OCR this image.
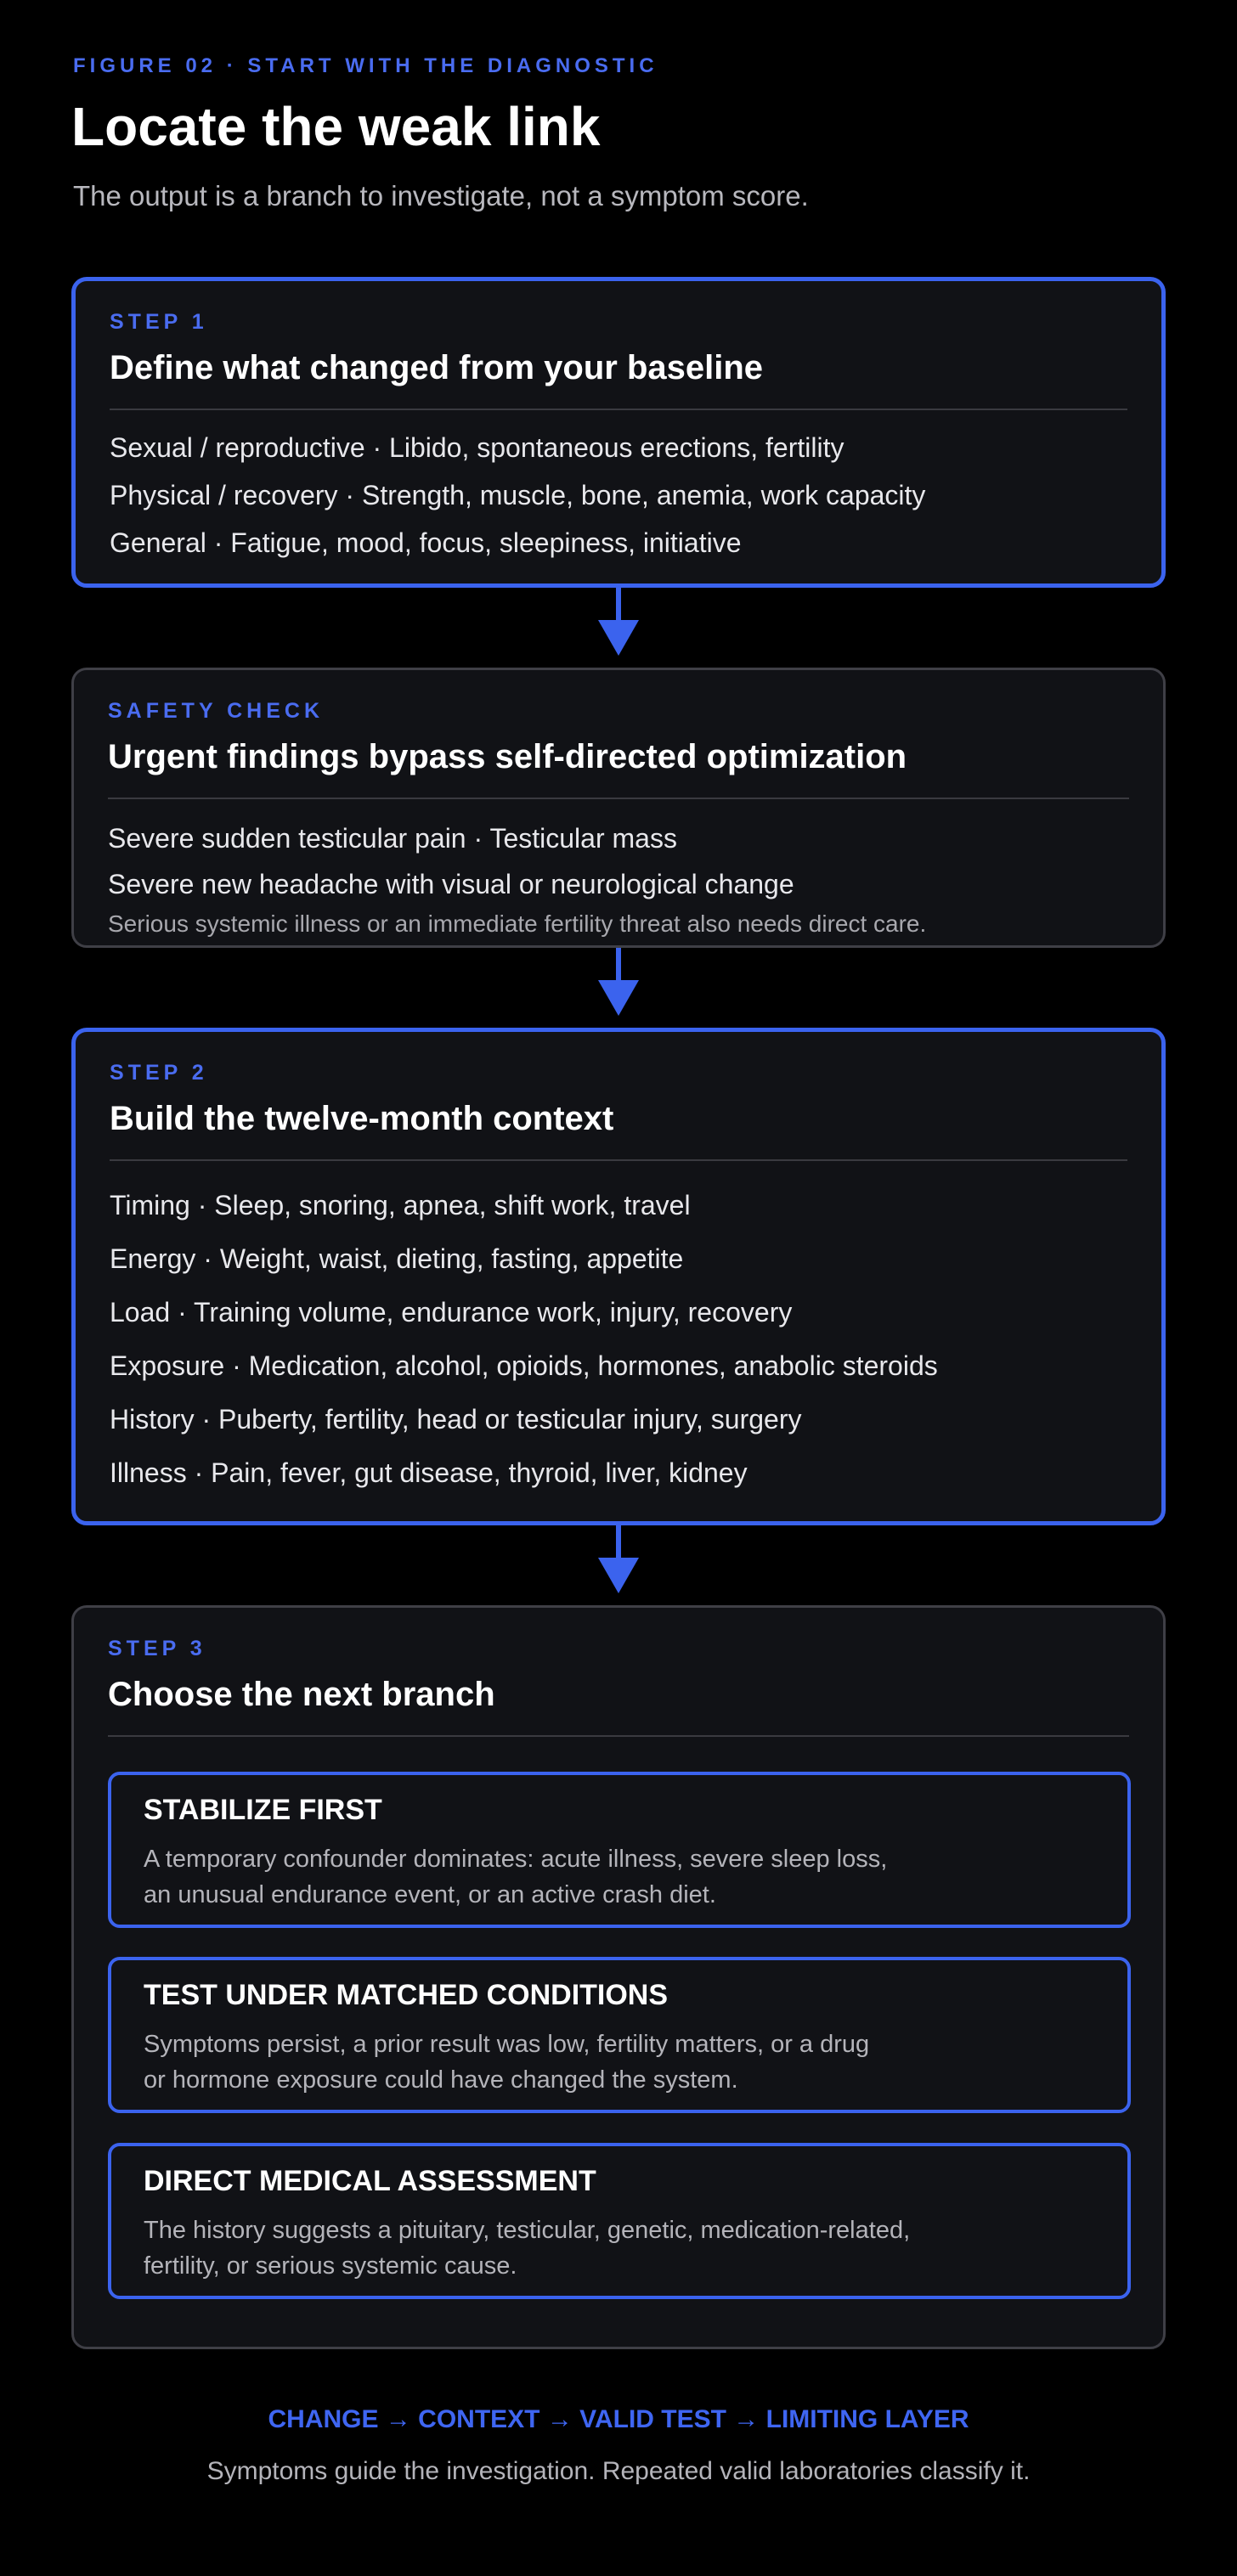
FIGURE 02 · START WITH THE DIAGNOSTIC
Locate the weak link
The output is a branch to investigate, not a symptom score.
STEP 1
Define what changed from your baseline
Sexual / reproductive · Libido, spontaneous erections, fertility
Physical / recovery · Strength, muscle, bone, anemia, work capacity
General · Fatigue, mood, focus, sleepiness, initiative
SAFETY CHECK
Urgent findings bypass self-directed optimization
Severe sudden testicular pain · Testicular mass
Severe new headache with visual or neurological change
Serious systemic illness or an immediate fertility threat also needs direct care.
STEP 2
Build the twelve-month context
Timing · Sleep, snoring, apnea, shift work, travel
Energy · Weight, waist, dieting, fasting, appetite
Load · Training volume, endurance work, injury, recovery
Exposure · Medication, alcohol, opioids, hormones, anabolic steroids
History · Puberty, fertility, head or testicular injury, surgery
Illness · Pain, fever, gut disease, thyroid, liver, kidney
STEP 3
Choose the next branch
STABILIZE FIRST
A temporary confounder dominates: acute illness, severe sleep loss,
an unusual endurance event, or an active crash diet.
TEST UNDER MATCHED CONDITIONS
Symptoms persist, a prior result was low, fertility matters, or a drug
or hormone exposure could have changed the system.
DIRECT MEDICAL ASSESSMENT
The history suggests a pituitary, testicular, genetic, medication-related,
fertility, or serious systemic cause.
CHANGE → CONTEXT → VALID TEST → LIMITING LAYER
Symptoms guide the investigation. Repeated valid laboratories classify it.
